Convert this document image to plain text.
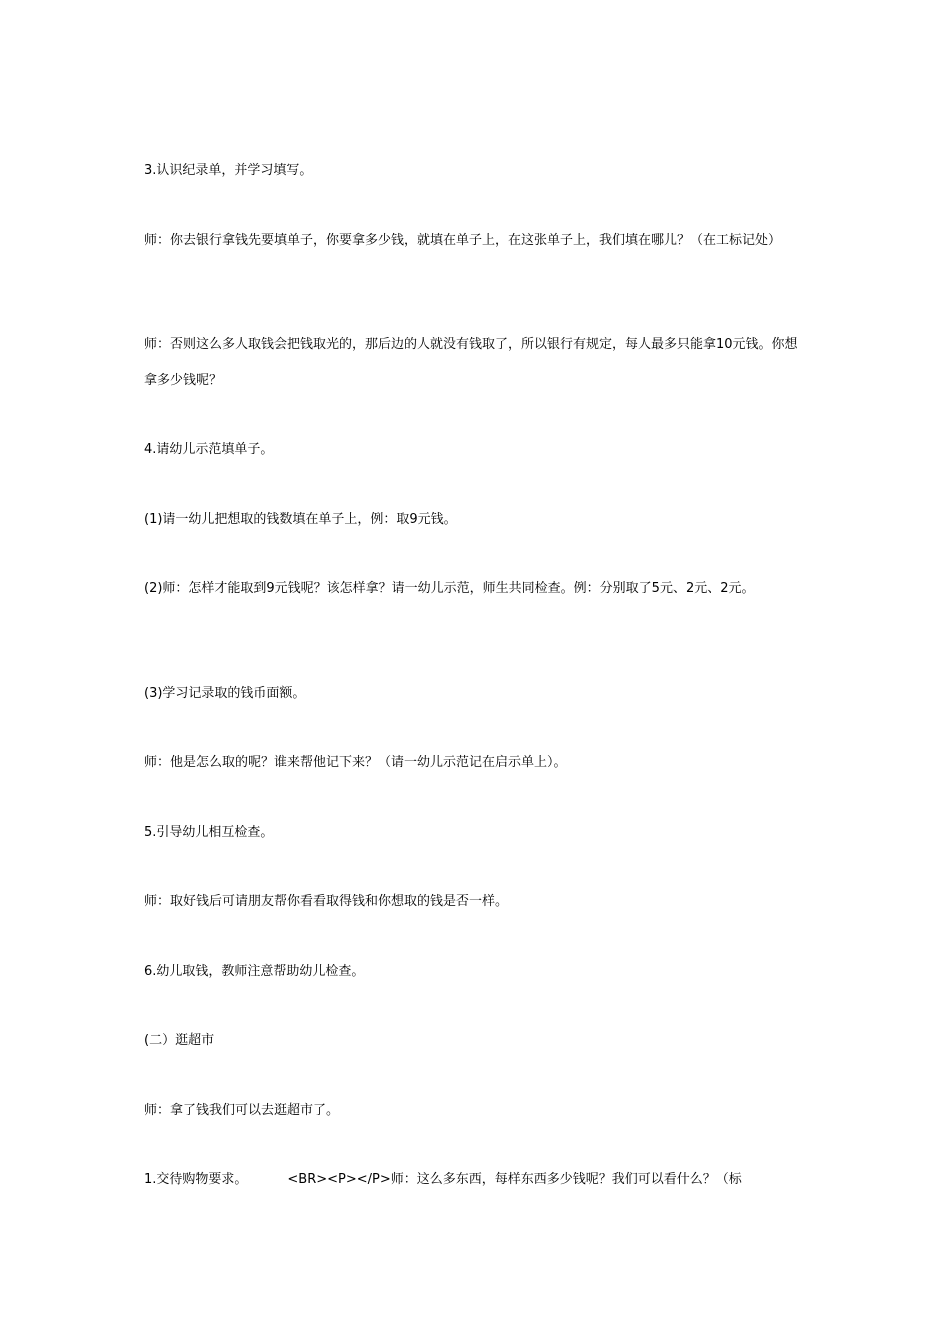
3.认识纪录单，并学习填写。

师：你去银行拿钱先要填单子，你要拿多少钱，就填在单子上，在这张单子上，我们填在哪儿？（在工标记处）

师：否则这么多人取钱会把钱取光的，那后边的人就没有钱取了，所以银行有规定，每人最多只能拿10元钱。你想拿多少钱呢？

4.请幼儿示范填单子。

(1)请一幼儿把想取的钱数填在单子上，例：取9元钱。

(2)师：怎样才能取到9元钱呢？该怎样拿？请一幼儿示范，师生共同检查。例：分别取了5元、2元、2元。

(3)学习记录取的钱币面额。

师：他是怎么取的呢？谁来帮他记下来？（请一幼儿示范记在启示单上）。

5.引导幼儿相互检查。

师：取好钱后可请朋友帮你看看取得钱和你想取的钱是否一样。

6.幼儿取钱，教师注意帮助幼儿检查。

(二）逛超市

师：拿了钱我们可以去逛超市了。

1.交待购物要求。	<BR><P></P>师：这么多东西，每样东西多少钱呢？我们可以看什么？（标
